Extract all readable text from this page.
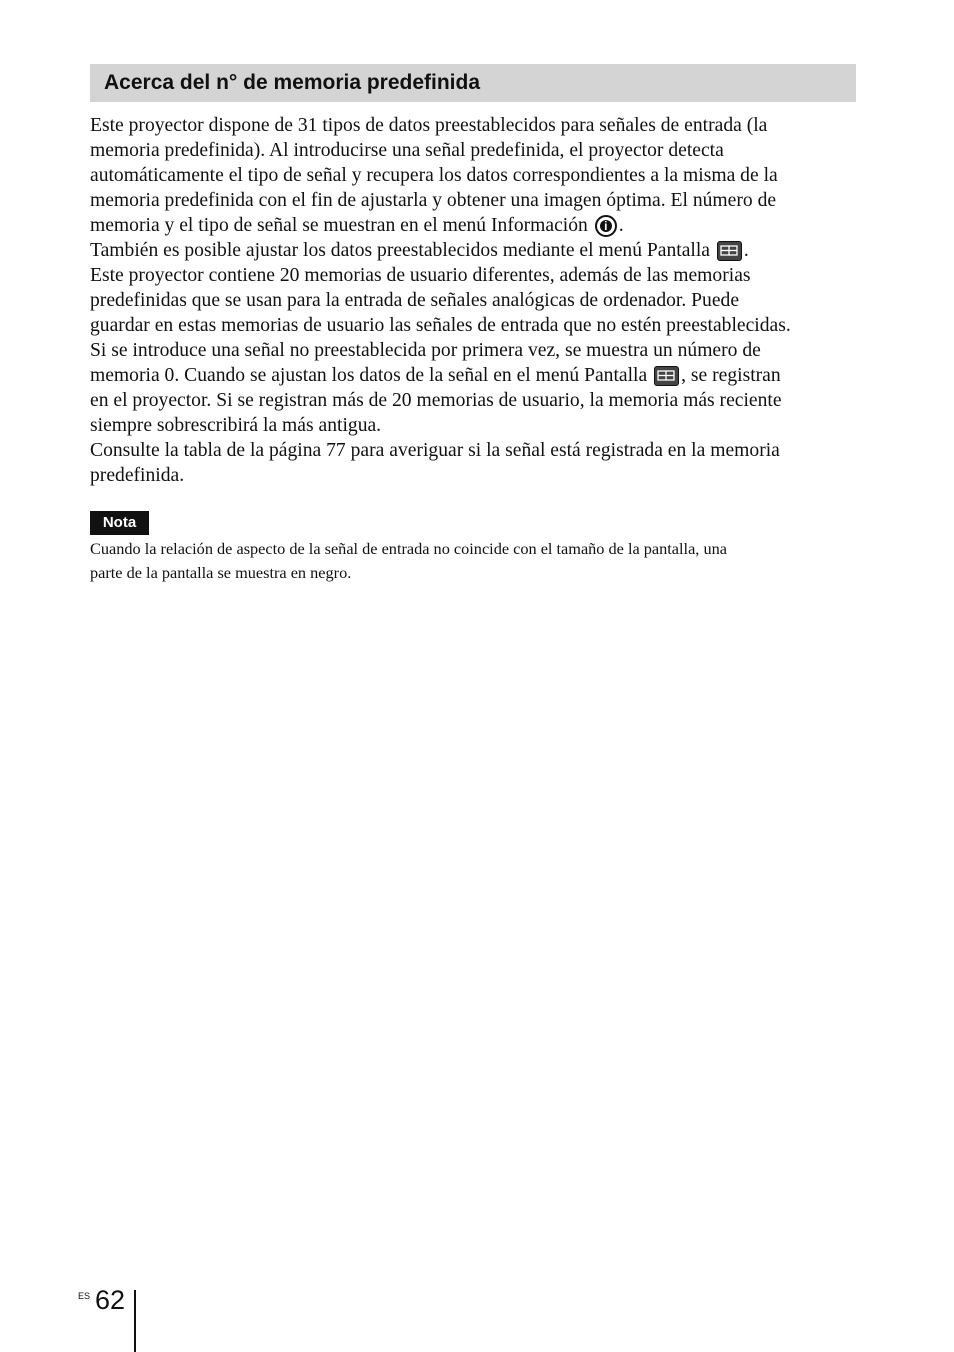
Acerca del n° de memoria predefinida
Este proyector dispone de 31 tipos de datos preestablecidos para señales de entrada (la
memoria predefinida). Al introducirse una señal predefinida, el proyector detecta
automáticamente el tipo de señal y recupera los datos correspondientes a la misma de la
memoria predefinida con el fin de ajustarla y obtener una imagen óptima. El número de
memoria y el tipo de señal se muestran en el menú Información i .
También es posible ajustar los datos preestablecidos mediante el menú Pantalla .
Este proyector contiene 20 memorias de usuario diferentes, además de las memorias
predefinidas que se usan para la entrada de señales analógicas de ordenador. Puede
guardar en estas memorias de usuario las señales de entrada que no estén preestablecidas.
Si se introduce una señal no preestablecida por primera vez, se muestra un número de
memoria 0. Cuando se ajustan los datos de la señal en el menú Pantalla , se registran
en el proyector. Si se registran más de 20 memorias de usuario, la memoria más reciente
siempre sobrescribirá la más antigua.
Consulte la tabla de la página 77 para averiguar si la señal está registrada en la memoria
predefinida.
Nota
Cuando la relación de aspecto de la señal de entrada no coincide con el tamaño de la pantalla, una
parte de la pantalla se muestra en negro.
ES 62
